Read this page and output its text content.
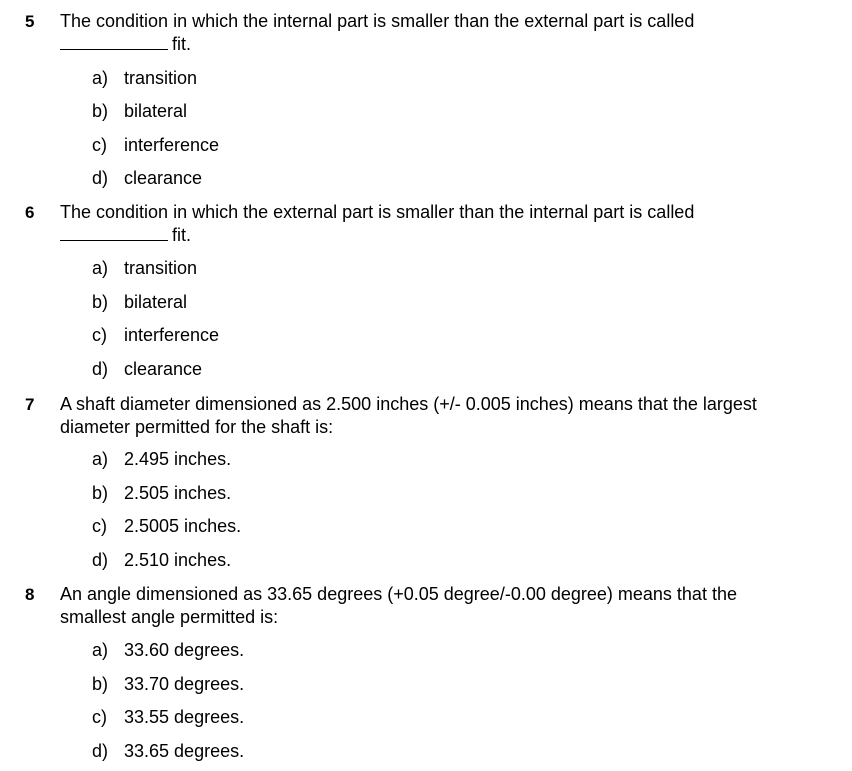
5 The condition in which the internal part is smaller than the external part is called
fit.
a) transition
b) bilateral
c) interference
d) clearance
6 The condition in which the external part is smaller than the internal part is called
fit.
a) transition
b) bilateral
c) interference
d) clearance
7 A shaft diameter dimensioned as 2.500 inches (+/- 0.005 inches) means that the largest
diameter permitted for the shaft is:
a) 2.495 inches.
b) 2.505 inches.
c) 2.5005 inches.
d) 2.510 inches.
8 An angle dimensioned as 33.65 degrees (+0.05 degree/-0.00 degree) means that the
smallest angle permitted is:
a) 33.60 degrees.
b) 33.70 degrees.
c) 33.55 degrees.
d) 33.65 degrees.
